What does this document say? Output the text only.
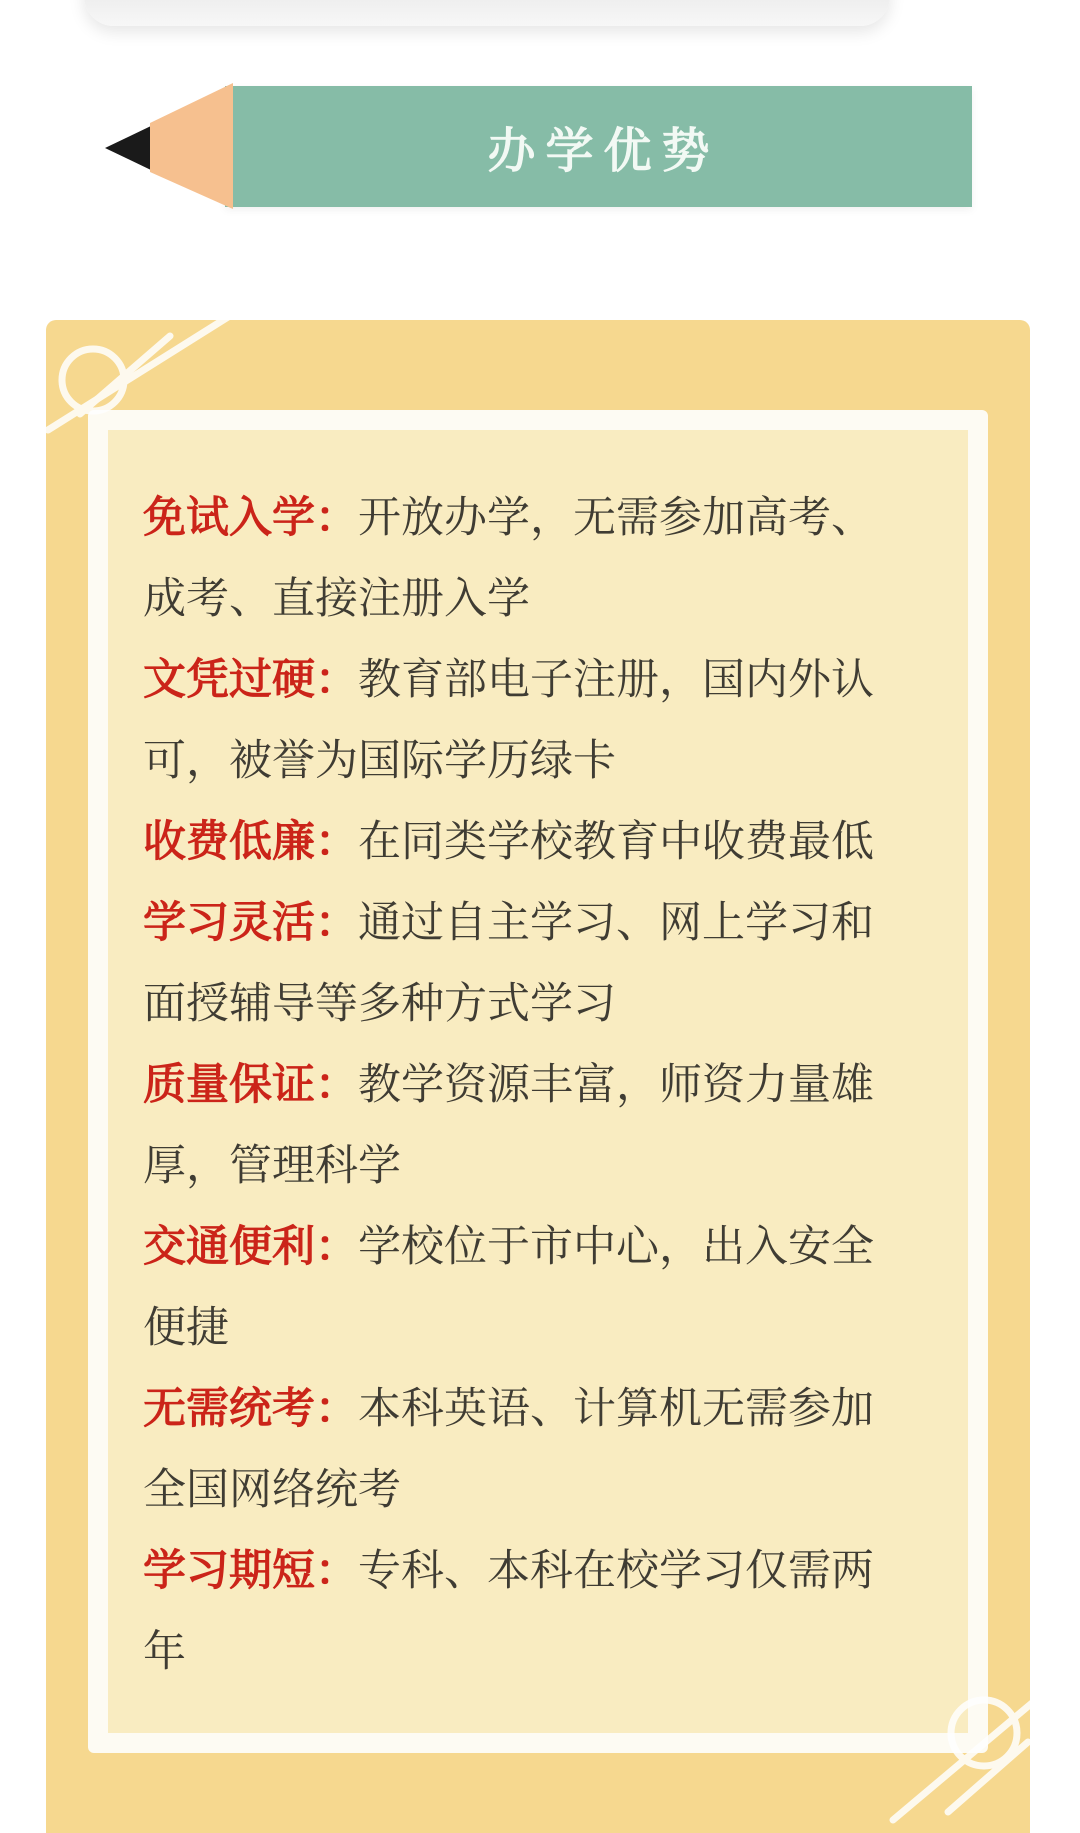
办学优势

免试入学：开放办学，无需参加高考、成考、直接注册入学

文凭过硬：教育部电子注册，国内外认可，被誉为国际学历绿卡

收费低廉：在同类学校教育中收费最低

学习灵活：通过自主学习、网上学习和面授辅导等多种方式学习

质量保证：教学资源丰富，师资力量雄厚，管理科学

交通便利：学校位于市中心，出入安全便捷

无需统考：本科英语、计算机无需参加全国网络统考

学习期短：专科、本科在校学习仅需两年
